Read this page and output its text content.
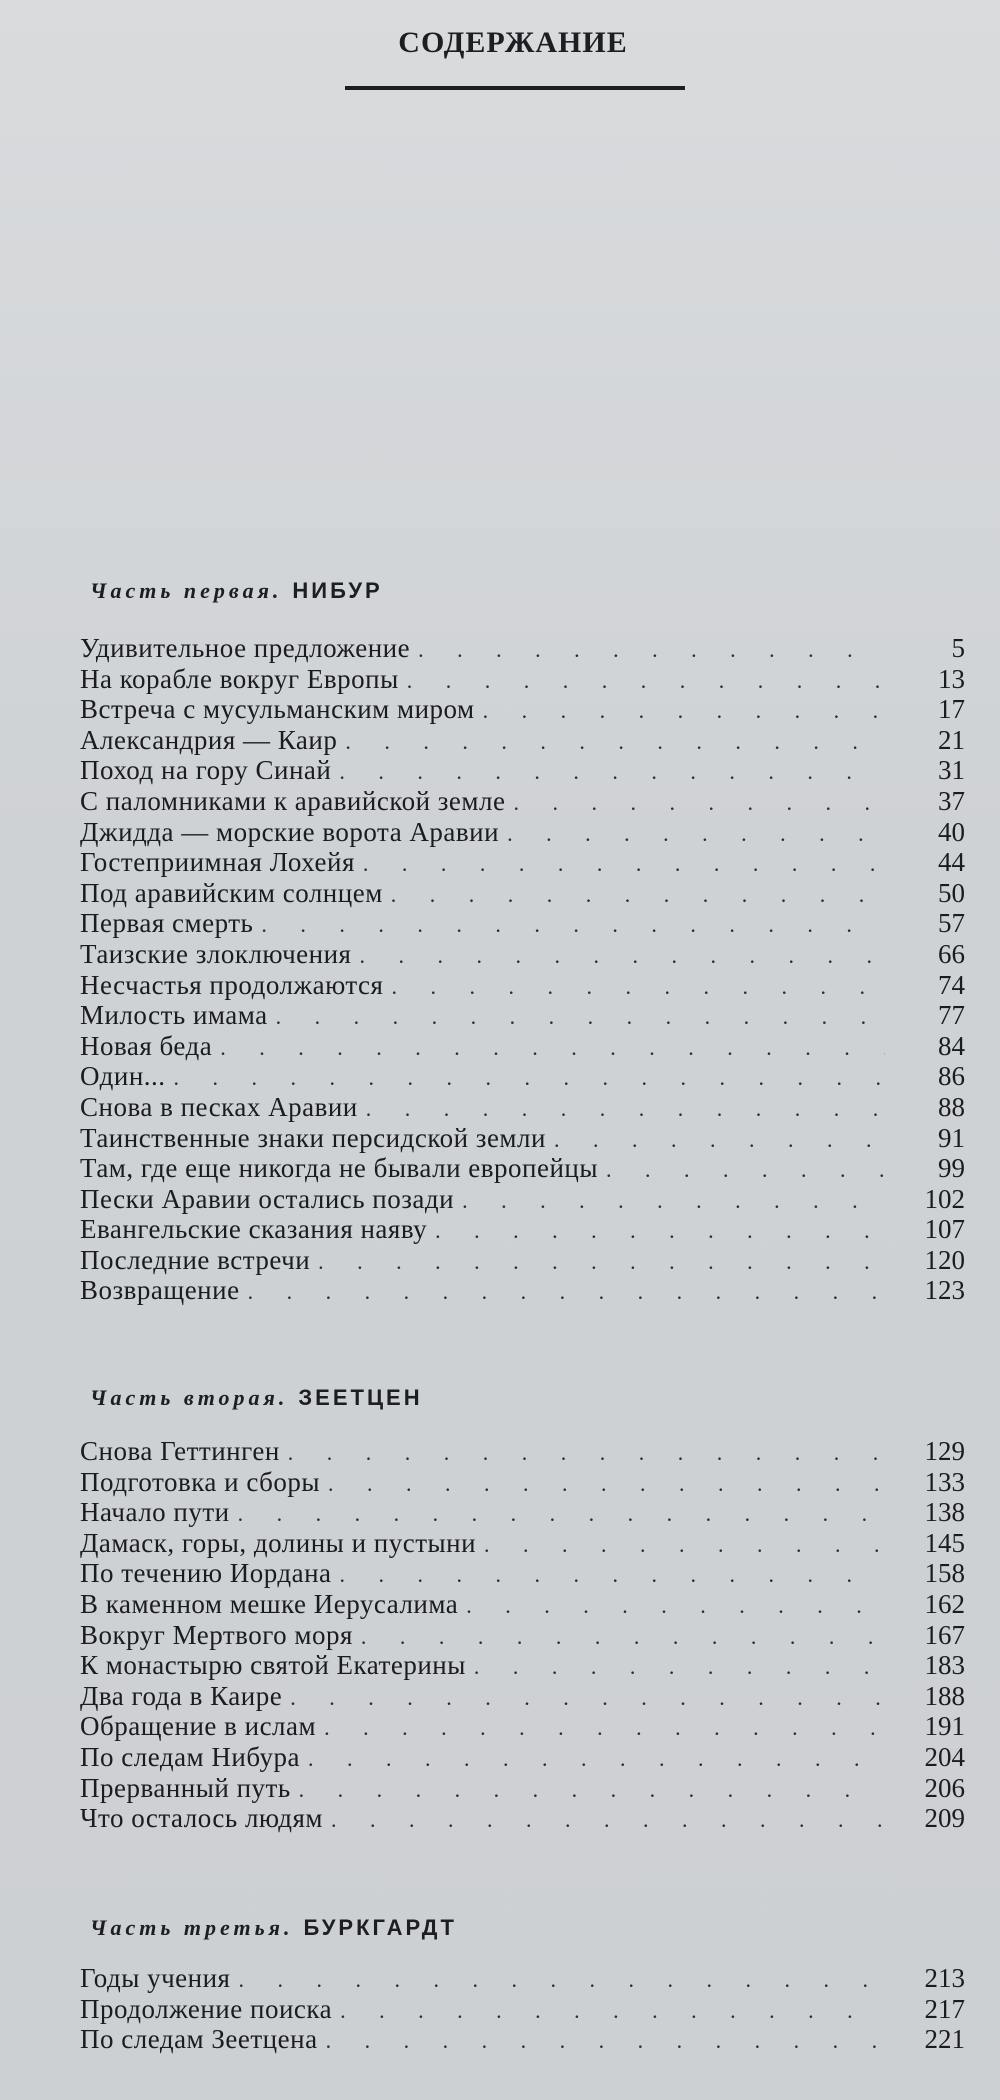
СОДЕРЖАНИЕ
Часть первая. НИБУР
Удивительное предложение . . .	5
На корабле вокруг Европы . . .	13
Встреча с мусульманским миром . . .	17
Александрия — Каир . . .	21
Поход на гору Синай . . .	31
С паломниками к аравийской земле . . .	37
Джидда — морские ворота Аравии . . .	40
Гостеприимная Лохейя . . .	44
Под аравийским солнцем . . .	50
Первая смерть . . .	57
Таизские злоключения . . .	66
Несчастья продолжаются . . .	74
Милость имама . . .	77
Новая беда . . .	84
Один... . . .	86
Снова в песках Аравии . . .	88
Таинственные знаки персидской земли . . .	91
Там, где еще никогда не бывали европейцы . . .	99
Пески Аравии остались позади . . .	102
Евангельские сказания наяву . . .	107
Последние встречи . . .	120
Возвращение . . .	123
Часть вторая. ЗЕЕТЦЕН
Снова Геттинген . . .	129
Подготовка и сборы . . .	133
Начало пути . . .	138
Дамаск, горы, долины и пустыни . . .	145
По течению Иордана . . .	158
В каменном мешке Иерусалима . . .	162
Вокруг Мертвого моря . . .	167
К монастырю святой Екатерины . . .	183
Два года в Каире . . .	188
Обращение в ислам . . .	191
По следам Нибура . . .	204
Прерванный путь . . .	206
Что осталось людям . . .	209
Часть третья. БУРКГАРДТ
Годы учения . . .	213
Продолжение поиска . . .	217
По следам Зеетцена . . .	221
